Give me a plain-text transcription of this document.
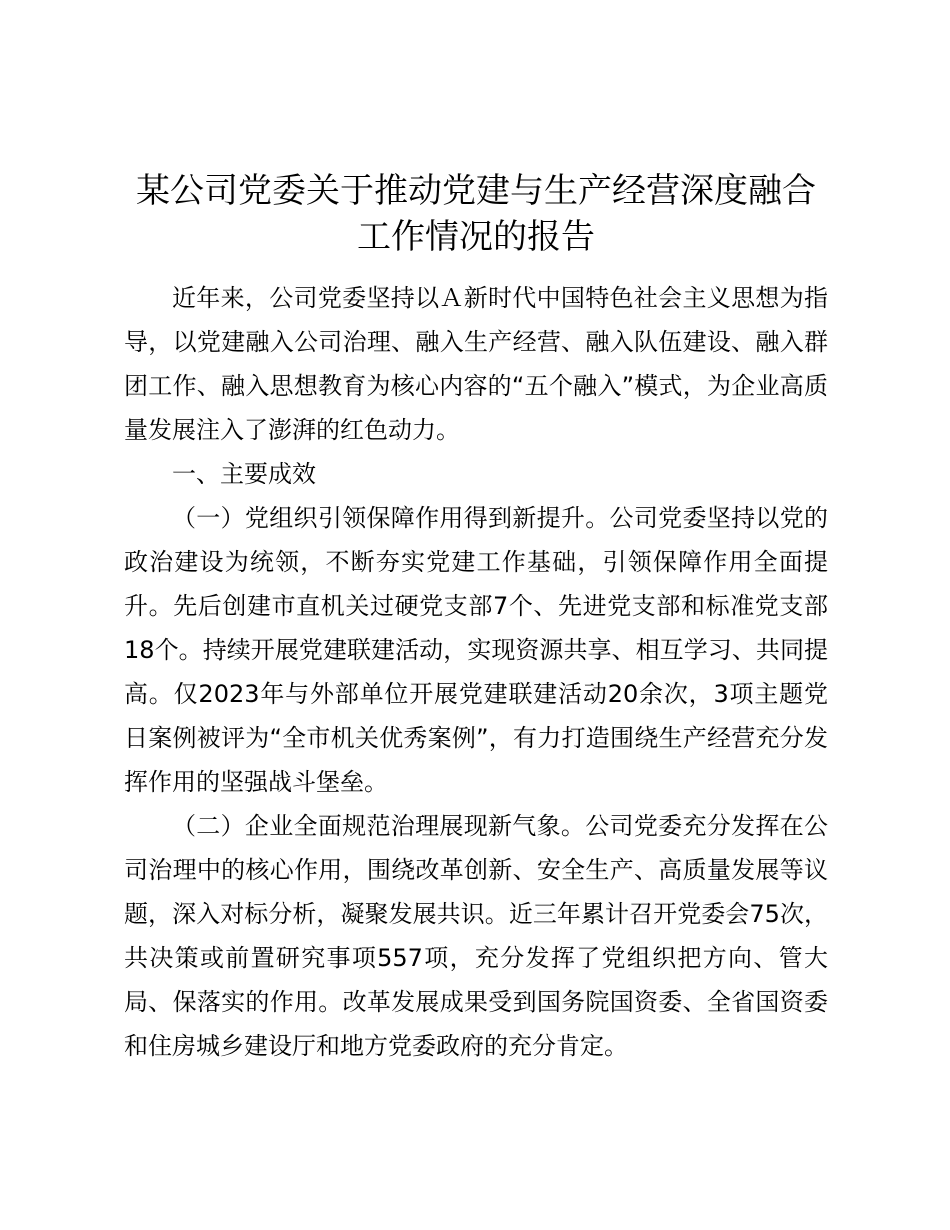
某公司党委关于推动党建与生产经营深度融合
工作情况的报告

近年来，公司党委坚持以Ａ新时代中国特色社会主义思想为指导，以党建融入公司治理、融入生产经营、融入队伍建设、融入群团工作、融入思想教育为核心内容的“五个融入”模式，为企业高质量发展注入了澎湃的红色动力。

一、主要成效

（一）党组织引领保障作用得到新提升。公司党委坚持以党的政治建设为统领，不断夯实党建工作基础，引领保障作用全面提升。先后创建市直机关过硬党支部7个、先进党支部和标准党支部18个。持续开展党建联建活动，实现资源共享、相互学习、共同提高。仅2023年与外部单位开展党建联建活动20余次，3项主题党日案例被评为“全市机关优秀案例”，有力打造围绕生产经营充分发挥作用的坚强战斗堡垒。

（二）企业全面规范治理展现新气象。公司党委充分发挥在公司治理中的核心作用，围绕改革创新、安全生产、高质量发展等议题，深入对标分析，凝聚发展共识。近三年累计召开党委会75次，共决策或前置研究事项557项，充分发挥了党组织把方向、管大局、保落实的作用。改革发展成果受到国务院国资委、全省国资委和住房城乡建设厅和地方党委政府的充分肯定。
